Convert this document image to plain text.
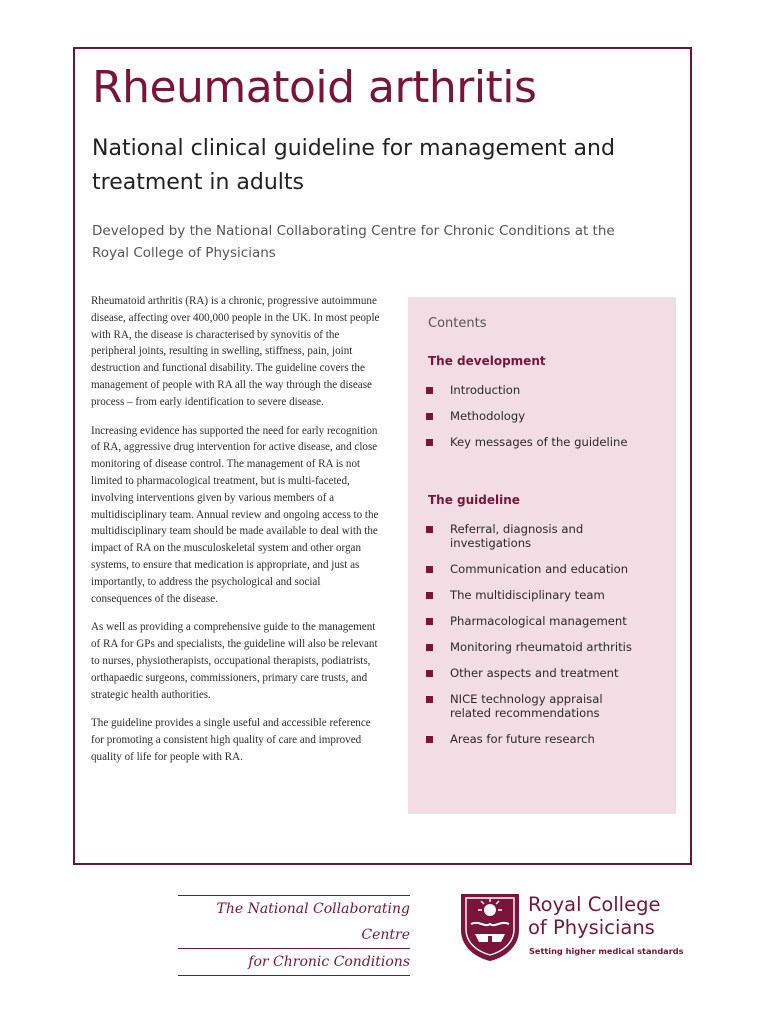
Rheumatoid arthritis
National clinical guideline for management and treatment in adults

Developed by the National Collaborating Centre for Chronic Conditions at the Royal College of Physicians

Rheumatoid arthritis (RA) is a chronic, progressive autoimmune disease, affecting over 400,000 people in the UK. In most people with RA, the disease is characterised by synovitis of the peripheral joints, resulting in swelling, stiffness, pain, joint destruction and functional disability. The guideline covers the management of people with RA all the way through the disease process – from early identification to severe disease.

Increasing evidence has supported the need for early recognition of RA, aggressive drug intervention for active disease, and close monitoring of disease control. The management of RA is not limited to pharmacological treatment, but is multi-faceted, involving interventions given by various members of a multidisciplinary team. Annual review and ongoing access to the multidisciplinary team should be made available to deal with the impact of RA on the musculoskeletal system and other organ systems, to ensure that medication is appropriate, and just as importantly, to address the psychological and social consequences of the disease.

As well as providing a comprehensive guide to the management of RA for GPs and specialists, the guideline will also be relevant to nurses, physiotherapists, occupational therapists, podiatrists, orthapaedic surgeons, commissioners, primary care trusts, and strategic health authorities.

The guideline provides a single useful and accessible reference for promoting a consistent high quality of care and improved quality of life for people with RA.

Contents
The development
Introduction
Methodology
Key messages of the guideline
The guideline
Referral, diagnosis and investigations
Communication and education
The multidisciplinary team
Pharmacological management
Monitoring rheumatoid arthritis
Other aspects and treatment
NICE technology appraisal related recommendations
Areas for future research
The National Collaborating Centre
for Chronic Conditions
Royal College
of Physicians
Setting higher medical standards
